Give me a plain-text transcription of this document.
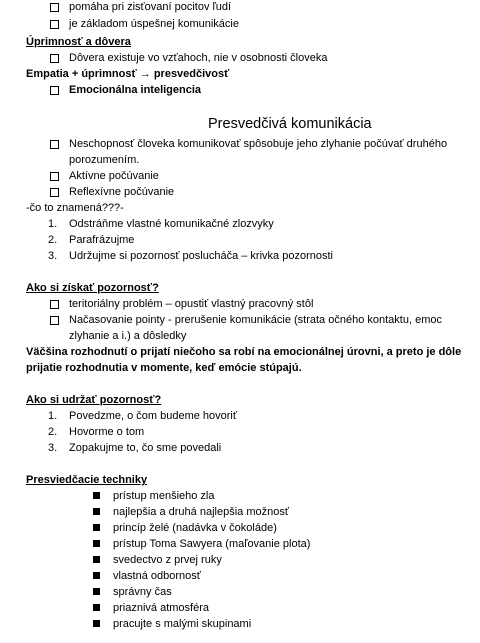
pomáha pri zisťovaní pocitov ľudí
je základom úspešnej komunikácie
Úprimnosť a dôvera
Dôvera existuje vo vzťahoch, nie v osobnosti človeka
Empatia + úprimnosť → presvedčivosť
Emocionálna inteligencia
Presvedčivá komunikácia
Neschopnosť človeka komunikovať spôsobuje jeho zlyhanie počúvať druhého
porozumením.
Aktívne počúvanie
Reflexívne počúvanie
-čo to znamená???-
1. Odstráňme vlastné komunikačné zlozvyky
2. Parafrázujme
3. Udržujme si pozornosť poslucháča – krivka pozornosti
Ako si získať pozornosť?
teritoriálny problém – opustiť vlastný pracovný stôl
Načasovanie pointy - prerušenie komunikácie (strata očného kontaktu, emoc
zlyhanie a i.) a dôsledky
Väčšina rozhodnutí o prijatí niečoho sa robí na emocionálnej úrovni, a preto je dôle
prijatie rozhodnutia v momente, keď emócie stúpajú.
Ako si udržať pozornosť?
1. Povedzme, o čom budeme hovoriť
2. Hovorme o tom
3. Zopakujme to, čo sme povedali
Presviedčacie techniky
prístup menšieho zla
najlepšia a druhá najlepšia možnosť
princíp želé (nadávka v čokoláde)
prístup Toma Sawyera (maľovanie plota)
svedectvo z prvej ruky
vlastná odbornosť
správny čas
priaznivá atmosféra
pracujte s malými skupinami
